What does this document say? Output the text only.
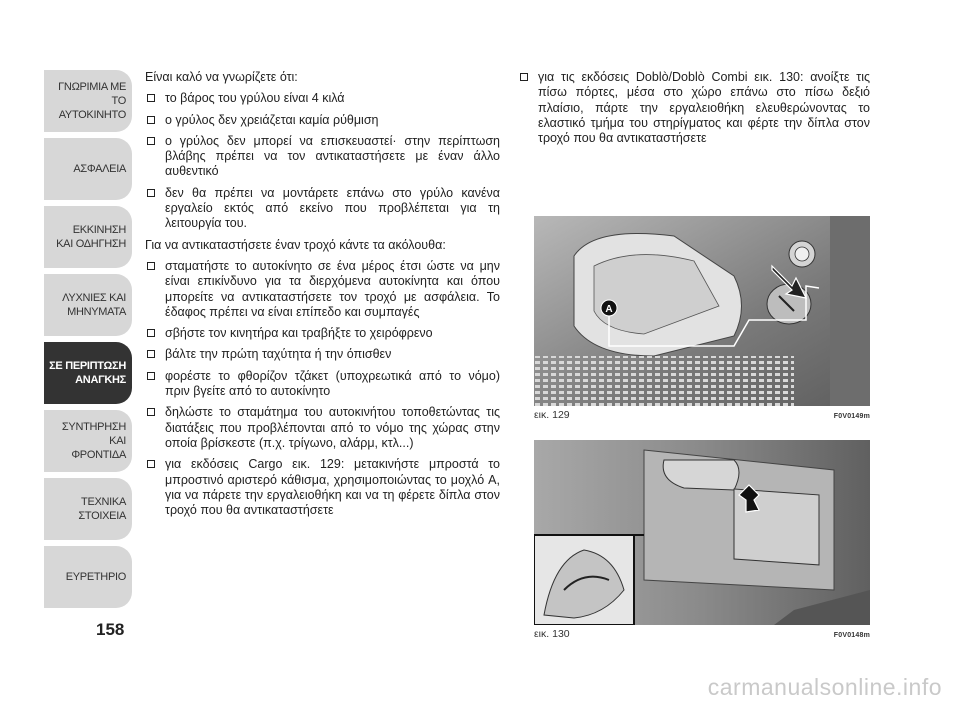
ΓΝΩΡΙΜΙΑ ΜΕ
ΤΟ ΑΥΤΟΚΙΝΗΤΟ
ΑΣΦΑΛΕΙΑ
ΕΚΚΙΝΗΣΗ
ΚΑΙ ΟΔΗΓΗΣΗ
ΛΥΧΝΙΕΣ ΚΑΙ
ΜΗΝΥΜΑΤΑ
ΣΕ ΠΕΡΙΠΤΩΣΗ
ΑΝΑΓΚΗΣ
ΣΥΝΤΗΡΗΣΗ ΚΑΙ
ΦΡΟΝΤΙΔΑ
ΤΕΧΝΙΚΑ
ΣΤΟΙΧΕΙΑ
ΕΥΡΕΤΗΡΙΟ
158

Είναι καλό να γνωρίζετε ότι:

το βάρος του γρύλου είναι 4 κιλά
ο γρύλος δεν χρειάζεται καμία ρύθμιση
ο γρύλος δεν μπορεί να επισκευαστεί· στην περίπτωση βλάβης πρέπει να τον αντικαταστήσετε με έναν άλλο αυθεντικό
δεν θα πρέπει να μοντάρετε επάνω στο γρύλο κανένα εργαλείο εκτός από εκείνο που προβλέπεται για τη λειτουργία του.

Για να αντικαταστήσετε έναν τροχό κάντε τα ακόλουθα:

σταματήστε το αυτοκίνητο σε ένα μέρος έτσι ώστε να μην είναι επικίνδυνο για τα διερχόμενα αυτοκίνητα και όπου μπορείτε να αντικαταστήσετε τον τροχό με ασφάλεια. Το έδαφος πρέπει να είναι επίπεδο και συμπαγές
σβήστε τον κινητήρα και τραβήξτε το χειρόφρενο
βάλτε την πρώτη ταχύτητα ή την όπισθεν
φορέστε το φθορίζον τζάκετ (υποχρεωτικά από το νόμο) πριν βγείτε από το αυτοκίνητο
δηλώστε το σταμάτημα του αυτοκινήτου τοποθετώντας τις διατάξεις που προβλέπονται από το νόμο της χώρας στην οποία βρίσκεστε (π.χ. τρίγωνο, αλάρμ, κτλ...)
για εκδόσεις Cargo εικ. 129: μετακινήστε μπροστά το μπροστινό αριστερό κάθισμα, χρησιμοποιώντας το μοχλό A, για να πάρετε την εργαλειοθήκη και να τη φέρετε δίπλα στον τροχό που θα αντικαταστήσετε
για τις εκδόσεις Doblò/Doblò Combi εικ. 130: ανοίξτε τις πίσω πόρτες, μέσα στο χώρο επάνω στο πίσω δεξιό πλαίσιο, πάρτε την εργαλειοθήκη ελευθερώνοντας το ελαστικό τμήμα του στηρίγματος και φέρτε την δίπλα στον τροχό που θα αντικαταστήσετε
A
εικ. 129	F0V0149m
εικ. 130	F0V0148m
carmanualsonline.info
